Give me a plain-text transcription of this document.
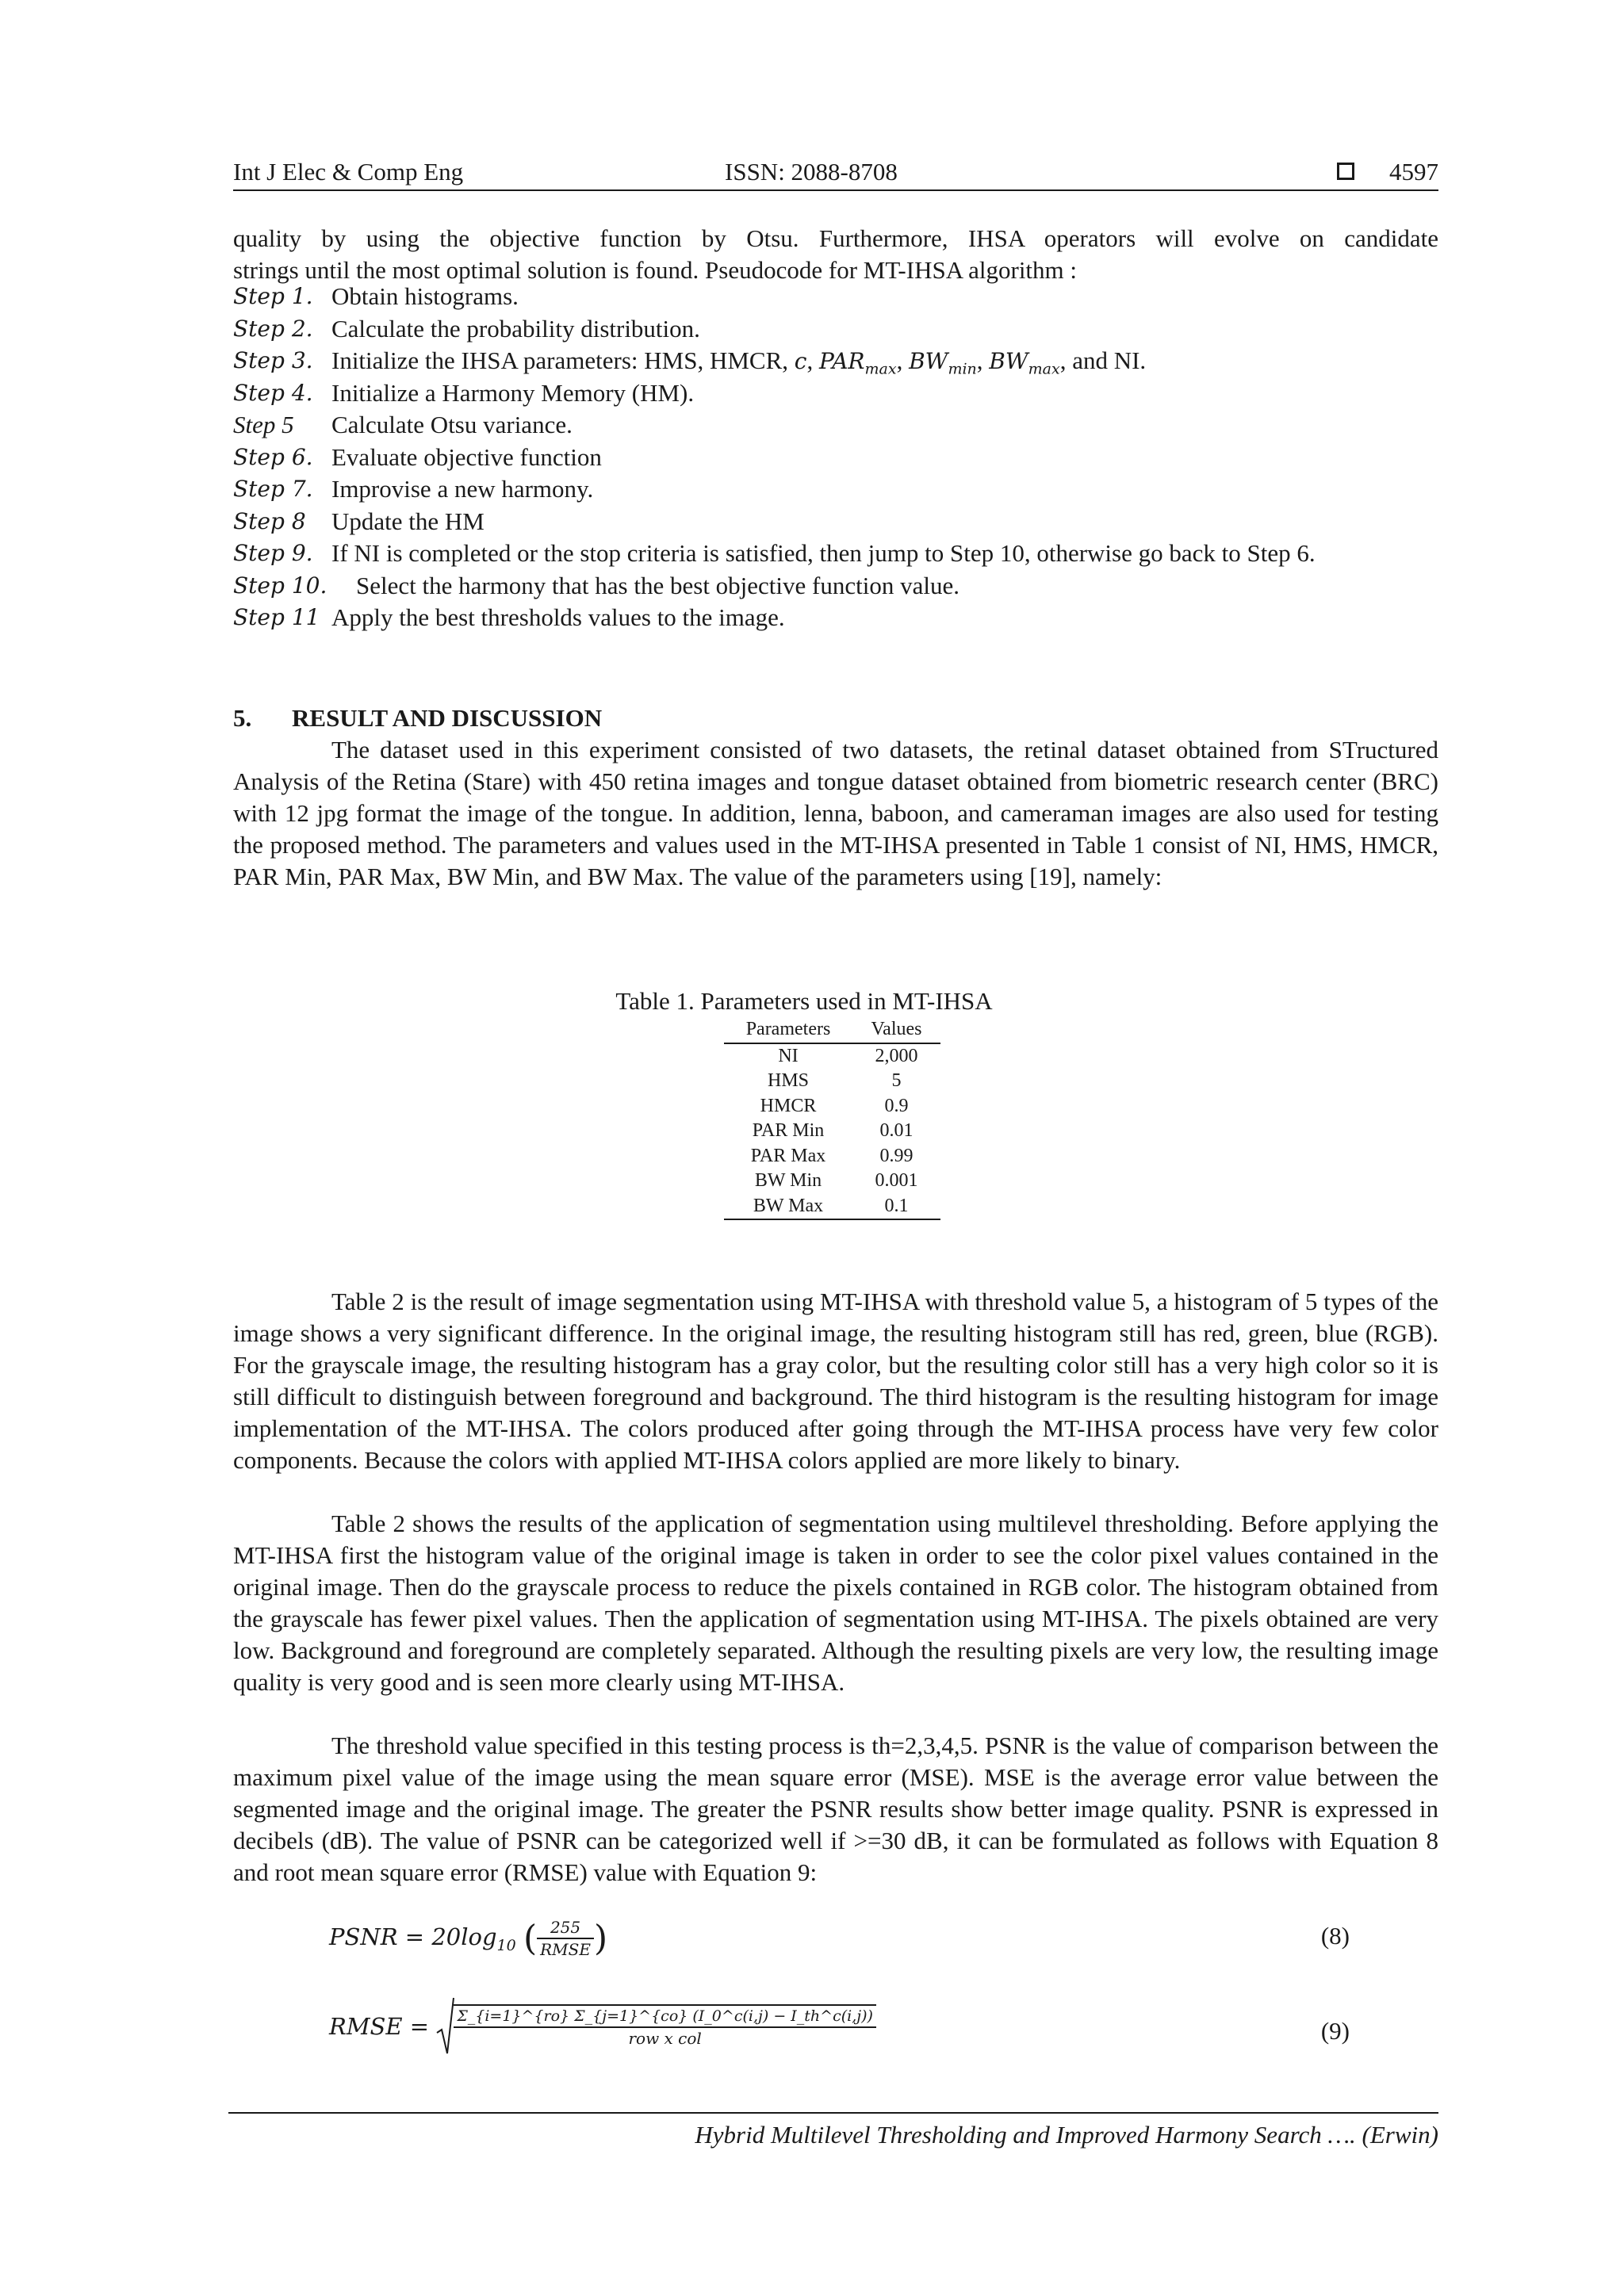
Int J Elec & Comp Eng	ISSN: 2088-8708	4597
quality by using the objective function by Otsu. Furthermore, IHSA operators will evolve on candidate
strings until the most optimal solution is found. Pseudocode for MT-IHSA algorithm :
Step 1. Obtain histograms.
Step 2. Calculate the probability distribution.
Step 3. Initialize the IHSA parameters: HMS, HMCR, c, $PAR_{max}$, $BW_{min}$, $BW_{max}$, and NI.
Step 4. Initialize a Harmony Memory (HM).
Step 5 Calculate Otsu variance.
Step 6. Evaluate objective function
Step 7. Improvise a new harmony.
Step 8 Update the HM
Step 9. If NI is completed or the stop criteria is satisfied, then jump to Step 10, otherwise go back to Step 6.
Step 10. Select the harmony that has the best objective function value.
Step 11 Apply the best thresholds values to the image.
5. RESULT AND DISCUSSION
The dataset used in this experiment consisted of two datasets, the retinal dataset obtained from STructured Analysis of the Retina (Stare) with 450 retina images and tongue dataset obtained from biometric research center (BRC) with 12 jpg format the image of the tongue. In addition, lenna, baboon, and cameraman images are also used for testing the proposed method. The parameters and values used in the MT-IHSA presented in Table 1 consist of NI, HMS, HMCR, PAR Min, PAR Max, BW Min, and BW Max. The value of the parameters using [19], namely:
Table 1. Parameters used in MT-IHSA
Parameters	Values
NI	2,000
HMS	5
HMCR	0.9
PAR Min	0.01
PAR Max	0.99
BW Min	0.001
BW Max	0.1
Table 2 is the result of image segmentation using MT-IHSA with threshold value 5, a histogram of 5 types of the image shows a very significant difference. In the original image, the resulting histogram still has red, green, blue (RGB). For the grayscale image, the resulting histogram has a gray color, but the resulting color still has a very high color so it is still difficult to distinguish between foreground and background. The third histogram is the resulting histogram for image implementation of the MT-IHSA. The colors produced after going through the MT-IHSA process have very few color components. Because the colors with applied MT-IHSA colors applied are more likely to binary.
Table 2 shows the results of the application of segmentation using multilevel thresholding. Before applying the MT-IHSA first the histogram value of the original image is taken in order to see the color pixel values contained in the original image. Then do the grayscale process to reduce the pixels contained in RGB color. The histogram obtained from the grayscale has fewer pixel values. Then the application of segmentation using MT-IHSA. The pixels obtained are very low. Background and foreground are completely separated. Although the resulting pixels are very low, the resulting image quality is very good and is seen more clearly using MT-IHSA.
The threshold value specified in this testing process is th=2,3,4,5. PSNR is the value of comparison between the maximum pixel value of the image using the mean square error (MSE). MSE is the average error value between the segmented image and the original image. The greater the PSNR results show better image quality. PSNR is expressed in decibels (dB). The value of PSNR can be categorized well if >=30 dB, it can be formulated as follows with Equation 8 and root mean square error (RMSE) value with Equation 9:
PSNR = $20\log_{10}$ ( $\frac{255}{\text{RMSE}}$ )	(8)
RMSE = $\frac{\Sigma\_\{i=1\}\^{}\{ro\} \Sigma\_\{j=1\}\^{}\{co\} (I\_0\^{}c(i,j) - I\_th\^{}c(i,j))}{\text{row x col}}$	(9)
Hybrid Multilevel Thresholding and Improved Harmony Search …. (Erwin)
